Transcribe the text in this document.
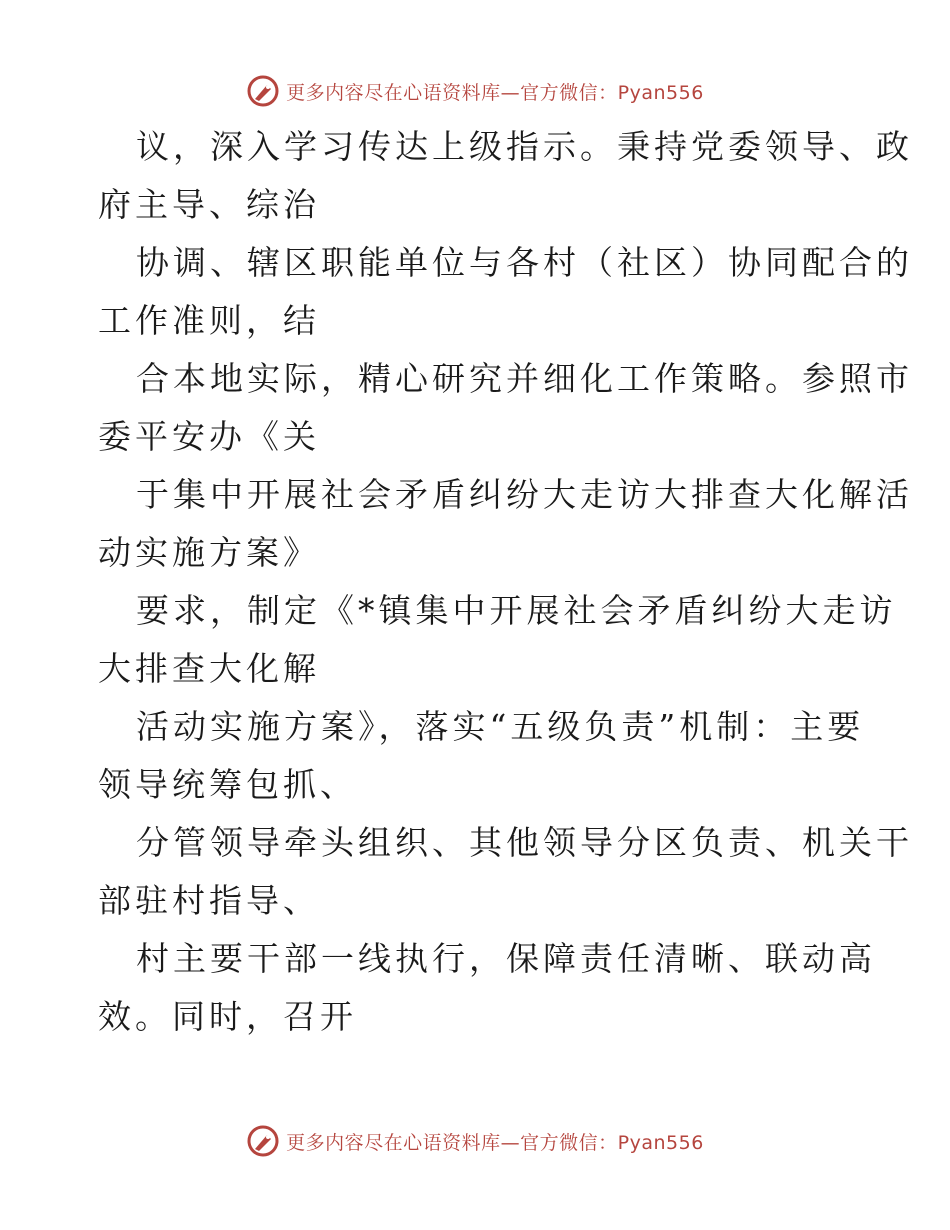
更多内容尽在心语资料库—官方微信：Pyan556
议，深入学习传达上级指示。秉持党委领导、政
府主导、综治
协调、辖区职能单位与各村（社区）协同配合的
工作准则，结
合本地实际，精心研究并细化工作策略。参照市
委平安办《关
于集中开展社会矛盾纠纷大走访大排查大化解活
动实施方案》
要求，制定《*镇集中开展社会矛盾纠纷大走访
大排查大化解
活动实施方案》，落实“五级负责”机制：主要
领导统筹包抓、
分管领导牵头组织、其他领导分区负责、机关干
部驻村指导、
村主要干部一线执行，保障责任清晰、联动高
效。同时，召开
更多内容尽在心语资料库—官方微信：Pyan556
